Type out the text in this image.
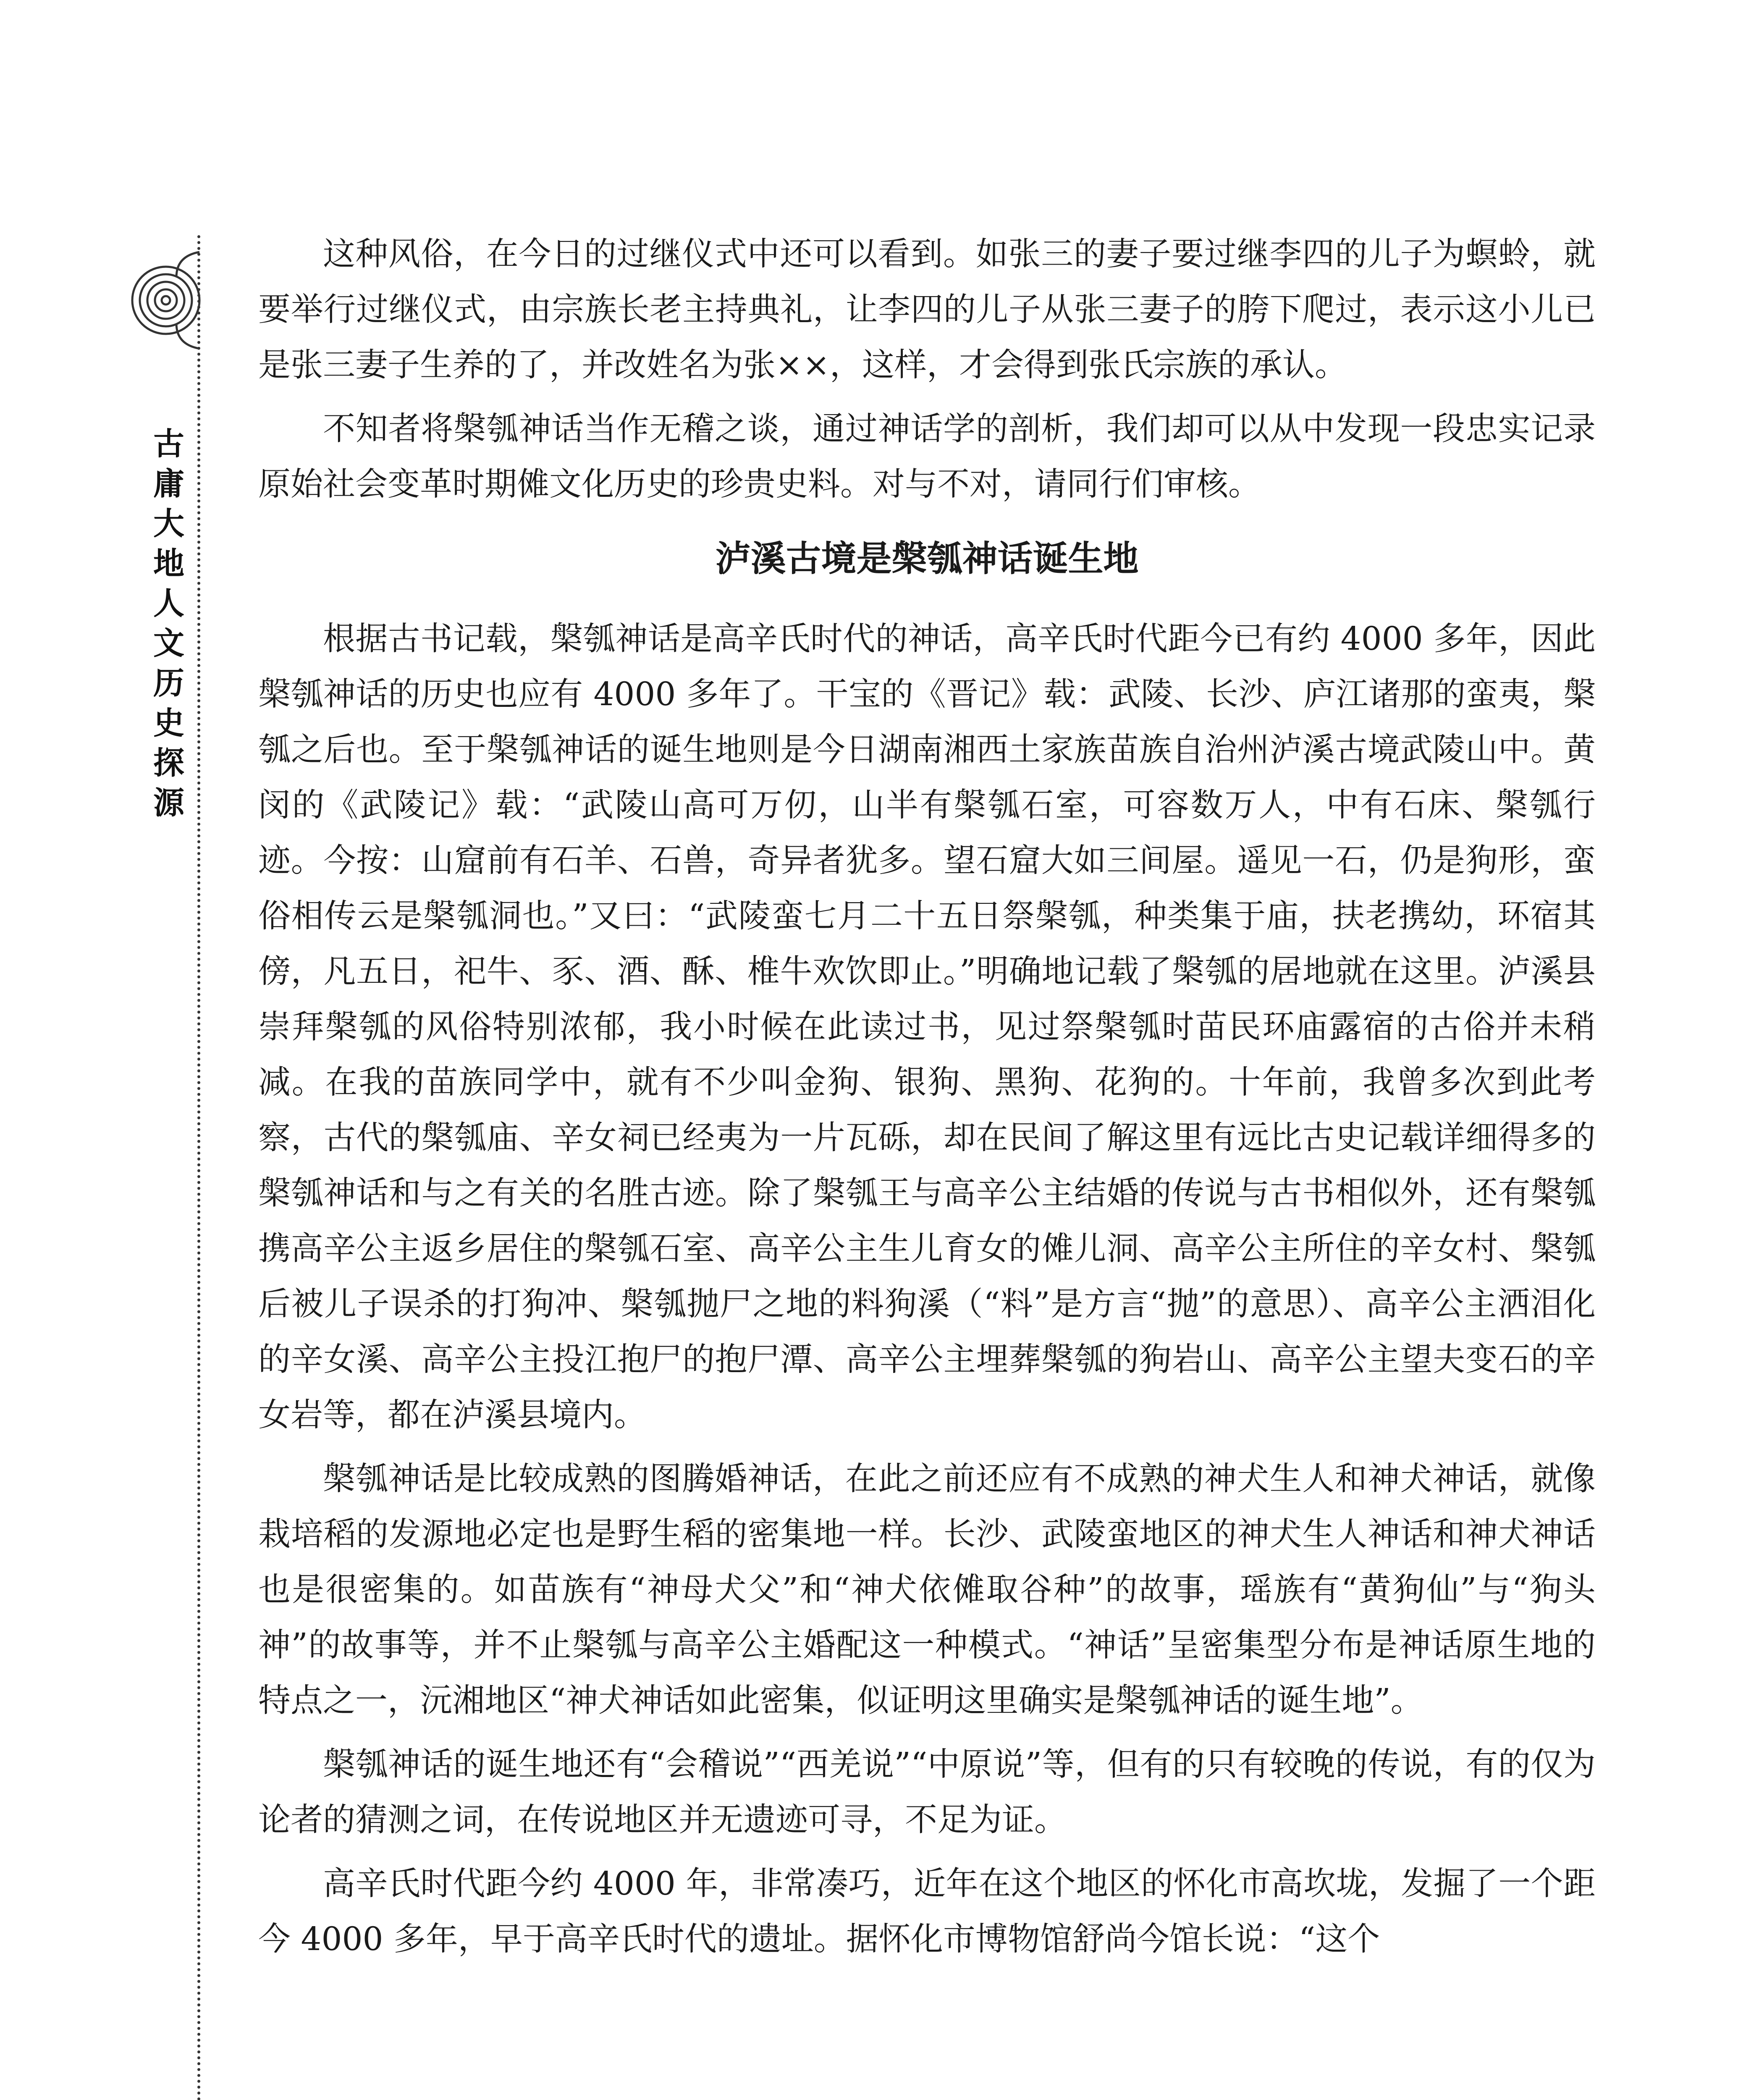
古
庸
大
地
人
文
历
史
探
源

这种风俗，在今日的过继仪式中还可以看到。如张三的妻子要过继李四的儿子为螟蛉，就要举行过继仪式，由宗族长老主持典礼，让李四的儿子从张三妻子的胯下爬过，表示这小儿已是张三妻子生养的了，并改姓名为张××，这样，才会得到张氏宗族的承认。

不知者将槃瓠神话当作无稽之谈，通过神话学的剖析，我们却可以从中发现一段忠实记录原始社会变革时期傩文化历史的珍贵史料。对与不对，请同行们审核。

泸溪古境是槃瓠神话诞生地

根据古书记载，槃瓠神话是高辛氏时代的神话，高辛氏时代距今已有约 4000 多年，因此槃瓠神话的历史也应有 4000 多年了。干宝的《晋记》载：武陵、长沙、庐江诸那的蛮夷，槃瓠之后也。至于槃瓠神话的诞生地则是今日湖南湘西土家族苗族自治州泸溪古境武陵山中。黄闵的《武陵记》载：“武陵山高可万仞，山半有槃瓠石室，可容数万人，中有石床、槃瓠行迹。今按：山窟前有石羊、石兽，奇异者犹多。望石窟大如三间屋。遥见一石，仍是狗形，蛮俗相传云是槃瓠洞也。”又曰：“武陵蛮七月二十五日祭槃瓠，种类集于庙，扶老携幼，环宿其傍，凡五日，祀牛、豕、酒、酥、椎牛欢饮即止。”明确地记载了槃瓠的居地就在这里。泸溪县崇拜槃瓠的风俗特别浓郁，我小时候在此读过书，见过祭槃瓠时苗民环庙露宿的古俗并未稍减。在我的苗族同学中，就有不少叫金狗、银狗、黑狗、花狗的。十年前，我曾多次到此考察，古代的槃瓠庙、辛女祠已经夷为一片瓦砾，却在民间了解这里有远比古史记载详细得多的槃瓠神话和与之有关的名胜古迹。除了槃瓠王与高辛公主结婚的传说与古书相似外，还有槃瓠携高辛公主返乡居住的槃瓠石室、高辛公主生儿育女的傩儿洞、高辛公主所住的辛女村、槃瓠后被儿子误杀的打狗冲、槃瓠抛尸之地的料狗溪（“料”是方言“抛”的意思）、高辛公主洒泪化的辛女溪、高辛公主投江抱尸的抱尸潭、高辛公主埋葬槃瓠的狗岩山、高辛公主望夫变石的辛女岩等，都在泸溪县境内。

槃瓠神话是比较成熟的图腾婚神话，在此之前还应有不成熟的神犬生人和神犬神话，就像栽培稻的发源地必定也是野生稻的密集地一样。长沙、武陵蛮地区的神犬生人神话和神犬神话也是很密集的。如苗族有“神母犬父”和“神犬依傩取谷种”的故事，瑶族有“黄狗仙”与“狗头神”的故事等，并不止槃瓠与高辛公主婚配这一种模式。“神话”呈密集型分布是神话原生地的特点之一，沅湘地区“神犬神话如此密集，似证明这里确实是槃瓠神话的诞生地”。

槃瓠神话的诞生地还有“会稽说”“西羌说”“中原说”等，但有的只有较晚的传说，有的仅为论者的猜测之词，在传说地区并无遗迹可寻，不足为证。

高辛氏时代距今约 4000 年，非常凑巧，近年在这个地区的怀化市高坎垅，发掘了一个距今 4000 多年，早于高辛氏时代的遗址。据怀化市博物馆舒尚今馆长说：“这个
